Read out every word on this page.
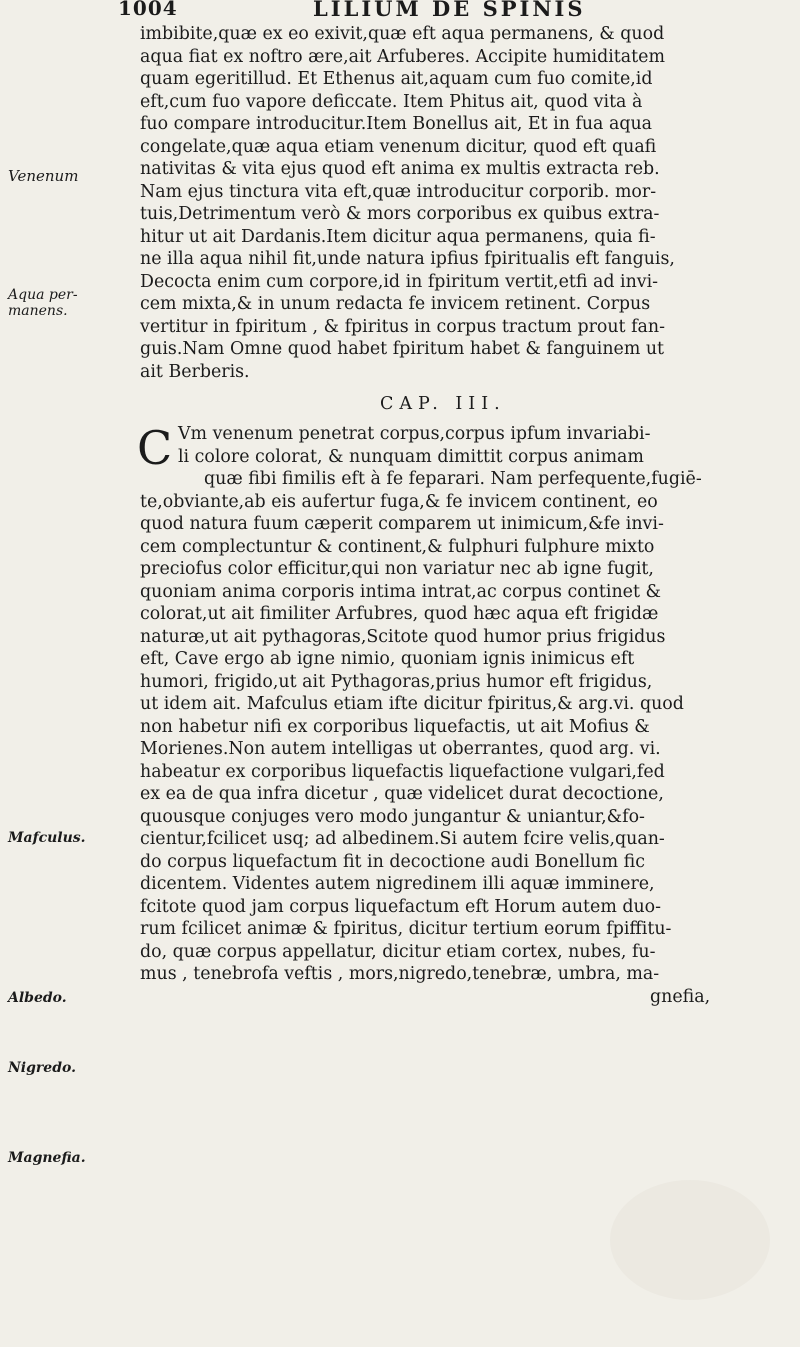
1004	LILIUM DE SPINIS
Venenum
Aqua per-
manens.
Mafculus.
Albedo.
Nigredo.
Magnefia.
imbibite,quæ ex eo exivit,quæ eft aqua permanens, & quod
aqua fiat ex noftro ære,ait Arfuberes. Accipite humiditatem
quam egeritillud. Et Ethenus ait,aquam cum fuo comite,id
eft,cum fuo vapore deficcate. Item Phitus ait, quod vita à
fuo compare introducitur.Item Bonellus ait, Et in fua aqua
congelate,quæ aqua etiam venenum dicitur, quod eft quafi
nativitas & vita ejus quod eft anima ex multis extracta reb.
Nam ejus tinctura vita eft,quæ introducitur corporib. mor-
tuis,Detrimentum verò & mors corporibus ex quibus extra-
hitur ut ait Dardanis.Item dicitur aqua permanens, quia fi-
ne illa aqua nihil fit,unde natura ipfius fpiritualis eft fanguis,
Decocta enim cum corpore,id in fpiritum vertit,etfi ad invi-
cem mixta,& in unum redacta fe invicem retinent. Corpus
vertitur in fpiritum , & fpiritus in corpus tractum prout fan-
guis.Nam Omne quod habet fpiritum habet & fanguinem ut
ait Berberis.
CAP. III.
C Vm venenum penetrat corpus,corpus ipfum invariabi-
li colore colorat, & nunquam dimittit corpus animam
quæ fibi fimilis eft à fe feparari. Nam perfequente,fugiē-
te,obviante,ab eis aufertur fuga,& fe invicem continent, eo
quod natura fuum cæperit comparem ut inimicum,&fe invi-
cem complectuntur & continent,& fulphuri fulphure mixto
preciofus color efficitur,qui non variatur nec ab igne fugit,
quoniam anima corporis intima intrat,ac corpus continet &
colorat,ut ait fimiliter Arfubres, quod hæc aqua eft frigidæ
naturæ,ut ait pythagoras,Scitote quod humor prius frigidus
eft, Cave ergo ab igne nimio, quoniam ignis inimicus eft
humori, frigido,ut ait Pythagoras,prius humor eft frigidus,
ut idem ait. Mafculus etiam ifte dicitur fpiritus,& arg.vi. quod
non habetur nifi ex corporibus liquefactis, ut ait Mofius &
Morienes.Non autem intelligas ut oberrantes, quod arg. vi.
habeatur ex corporibus liquefactis liquefactione vulgari,fed
ex ea de qua infra dicetur , quæ videlicet durat decoctione,
quousque conjuges vero modo jungantur & uniantur,&fo-
cientur,fcilicet usq; ad albedinem.Si autem fcire velis,quan-
do corpus liquefactum fit in decoctione audi Bonellum fic
dicentem. Videntes autem nigredinem illi aquæ imminere,
fcitote quod jam corpus liquefactum eft Horum autem duo-
rum fcilicet animæ & fpiritus, dicitur tertium eorum fpiffitu-
do, quæ corpus appellatur, dicitur etiam cortex, nubes, fu-
mus , tenebrofa veftis , mors,nigredo,tenebræ, umbra, ma-
gnefia,
